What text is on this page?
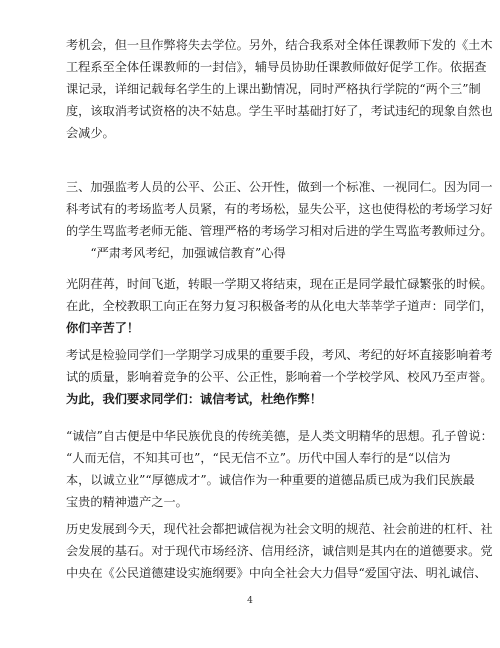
考机会，但一旦作弊将失去学位。另外，结合我系对全体任课教师下发的《土木
工程系至全体任课教师的一封信》，辅导员协助任课教师做好促学工作。依据查
课记录，详细记载每名学生的上课出勤情况，同时严格执行学院的“两个三”制
度，该取消考试资格的决不姑息。学生平时基础打好了，考试违纪的现象自然也
会减少。
三、加强监考人员的公平、公正、公开性，做到一个标准、一视同仁。因为同一
科考试有的考场监考人员紧，有的考场松，显失公平，这也使得松的考场学习好
的学生骂监考老师无能、管理严格的考场学习相对后进的学生骂监考教师过分。
　　“严肃考风考纪，加强诚信教育”心得
光阴荏苒，时间飞逝，转眼一学期又将结束，现在正是同学最忙碌繁张的时候。
在此，全校教职工向正在努力复习积极备考的从化电大莘莘学子道声：同学们，
你们辛苦了！
考试是检验同学们一学期学习成果的重要手段，考风、考纪的好坏直接影响着考
试的质量，影响着竞争的公平、公正性，影响着一个学校学风、校风乃至声誉。
为此，我们要求同学们：诚信考试，杜绝作弊！
“诚信”自古便是中华民族优良的传统美德，是人类文明精华的思想。孔子曾说：
“人而无信，不知其可也”，“民无信不立”。历代中国人奉行的是“以信为
本，以诚立业”“厚德成才”。诚信作为一种重要的道德品质已成为我们民族最
宝贵的精神遗产之一。
历史发展到今天，现代社会都把诚信视为社会文明的规范、社会前进的杠杆、社
会发展的基石。对于现代市场经济、信用经济，诚信则是其内在的道德要求。党
中央在《公民道德建设实施纲要》中向全社会大力倡导“爱国守法、明礼诚信、
4
